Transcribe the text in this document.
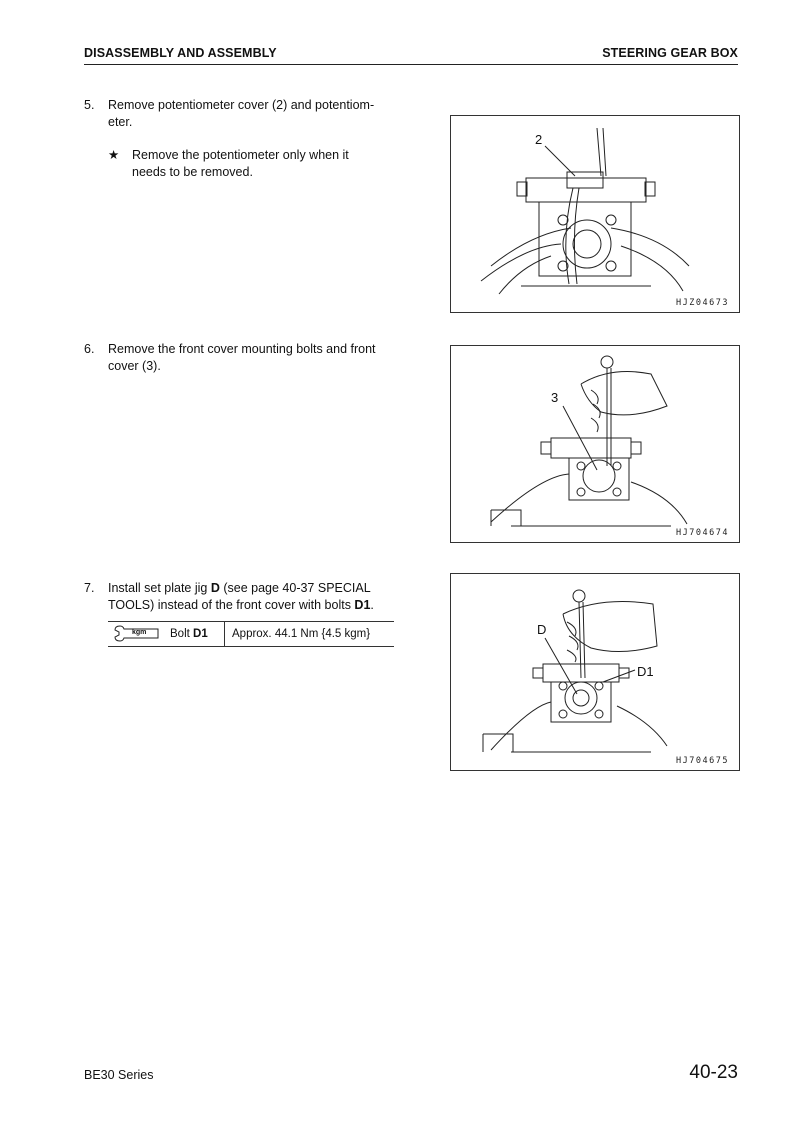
DISASSEMBLY AND ASSEMBLY	STEERING GEAR BOX
5. Remove potentiometer cover (2) and potentiom-
eter.
★ Remove the potentiometer only when it
needs to be removed.
2
HJZ04673
6. Remove the front cover mounting bolts and front
cover (3).
3
HJ704674
7. Install set plate jig D (see page 40-37 SPECIAL
TOOLS) instead of the front cover with bolts D1.
kgm Bolt D1 Approx. 44.1 Nm {4.5 kgm}	D
D1
HJ704675
BE30 Series	40-23
